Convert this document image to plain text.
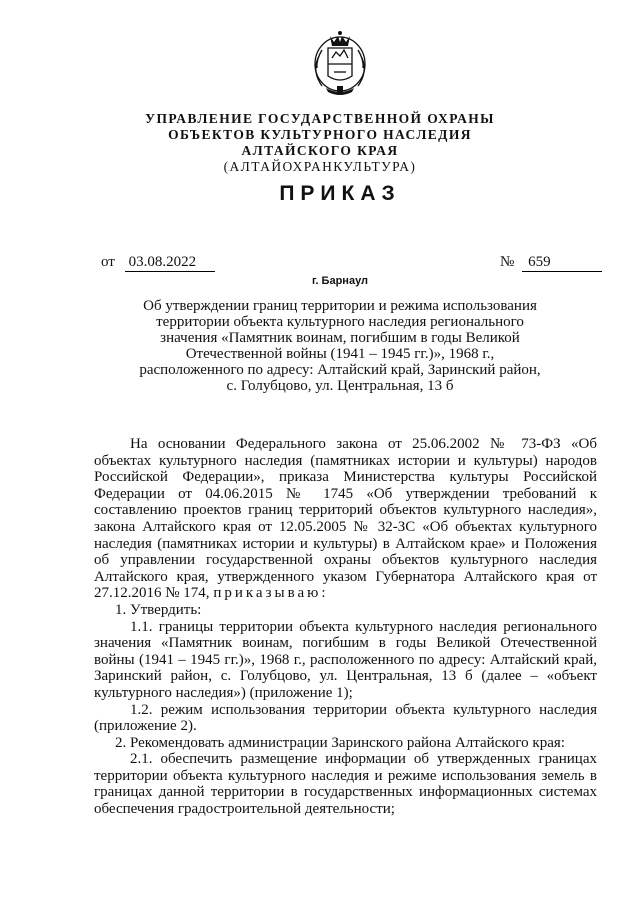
УПРАВЛЕНИЕ ГОСУДАРСТВЕННОЙ ОХРАНЫ
ОБЪЕКТОВ КУЛЬТУРНОГО НАСЛЕДИЯ
АЛТАЙСКОГО КРАЯ
(АЛТАЙОХРАНКУЛЬТУРА)
ПРИКАЗ
от 03.08.2022	№ 659
г. Барнаул
Об утверждении границ территории и режима использования
территории объекта культурного наследия регионального
значения «Памятник воинам, погибшим в годы Великой
Отечественной войны (1941 – 1945 гг.)», 1968 г.,
расположенного по адресу: Алтайский край, Заринский район,
с. Голубцово, ул. Центральная, 13 б

На основании Федерального закона от 25.06.2002 № 73-ФЗ «Об объектах культурного наследия (памятниках истории и культуры) народов Российской Федерации», приказа Министерства культуры Российской Федерации от 04.06.2015 № 1745 «Об утверждении требований к составлению проектов границ территорий объектов культурного наследия», закона Алтайского края от 12.05.2005 № 32-ЗС «Об объектах культурного наследия (памятниках истории и культуры) в Алтайском крае» и Положения об управлении государственной охраны объектов культурного наследия Алтайского края, утвержденного указом Губернатора Алтайского края от 27.12.2016 № 174, приказываю:

1. Утвердить:

1.1. границы территории объекта культурного наследия регионального значения «Памятник воинам, погибшим в годы Великой Отечественной войны (1941 – 1945 гг.)», 1968 г., расположенного по адресу: Алтайский край, Заринский район, с. Голубцово, ул. Центральная, 13 б (далее – «объект культурного наследия») (приложение 1);

1.2. режим использования территории объекта культурного наследия (приложение 2).

2. Рекомендовать администрации Заринского района Алтайского края:

2.1. обеспечить размещение информации об утвержденных границах территории объекта культурного наследия и режиме использования земель в границах данной территории в государственных информационных системах обеспечения градостроительной деятельности;
